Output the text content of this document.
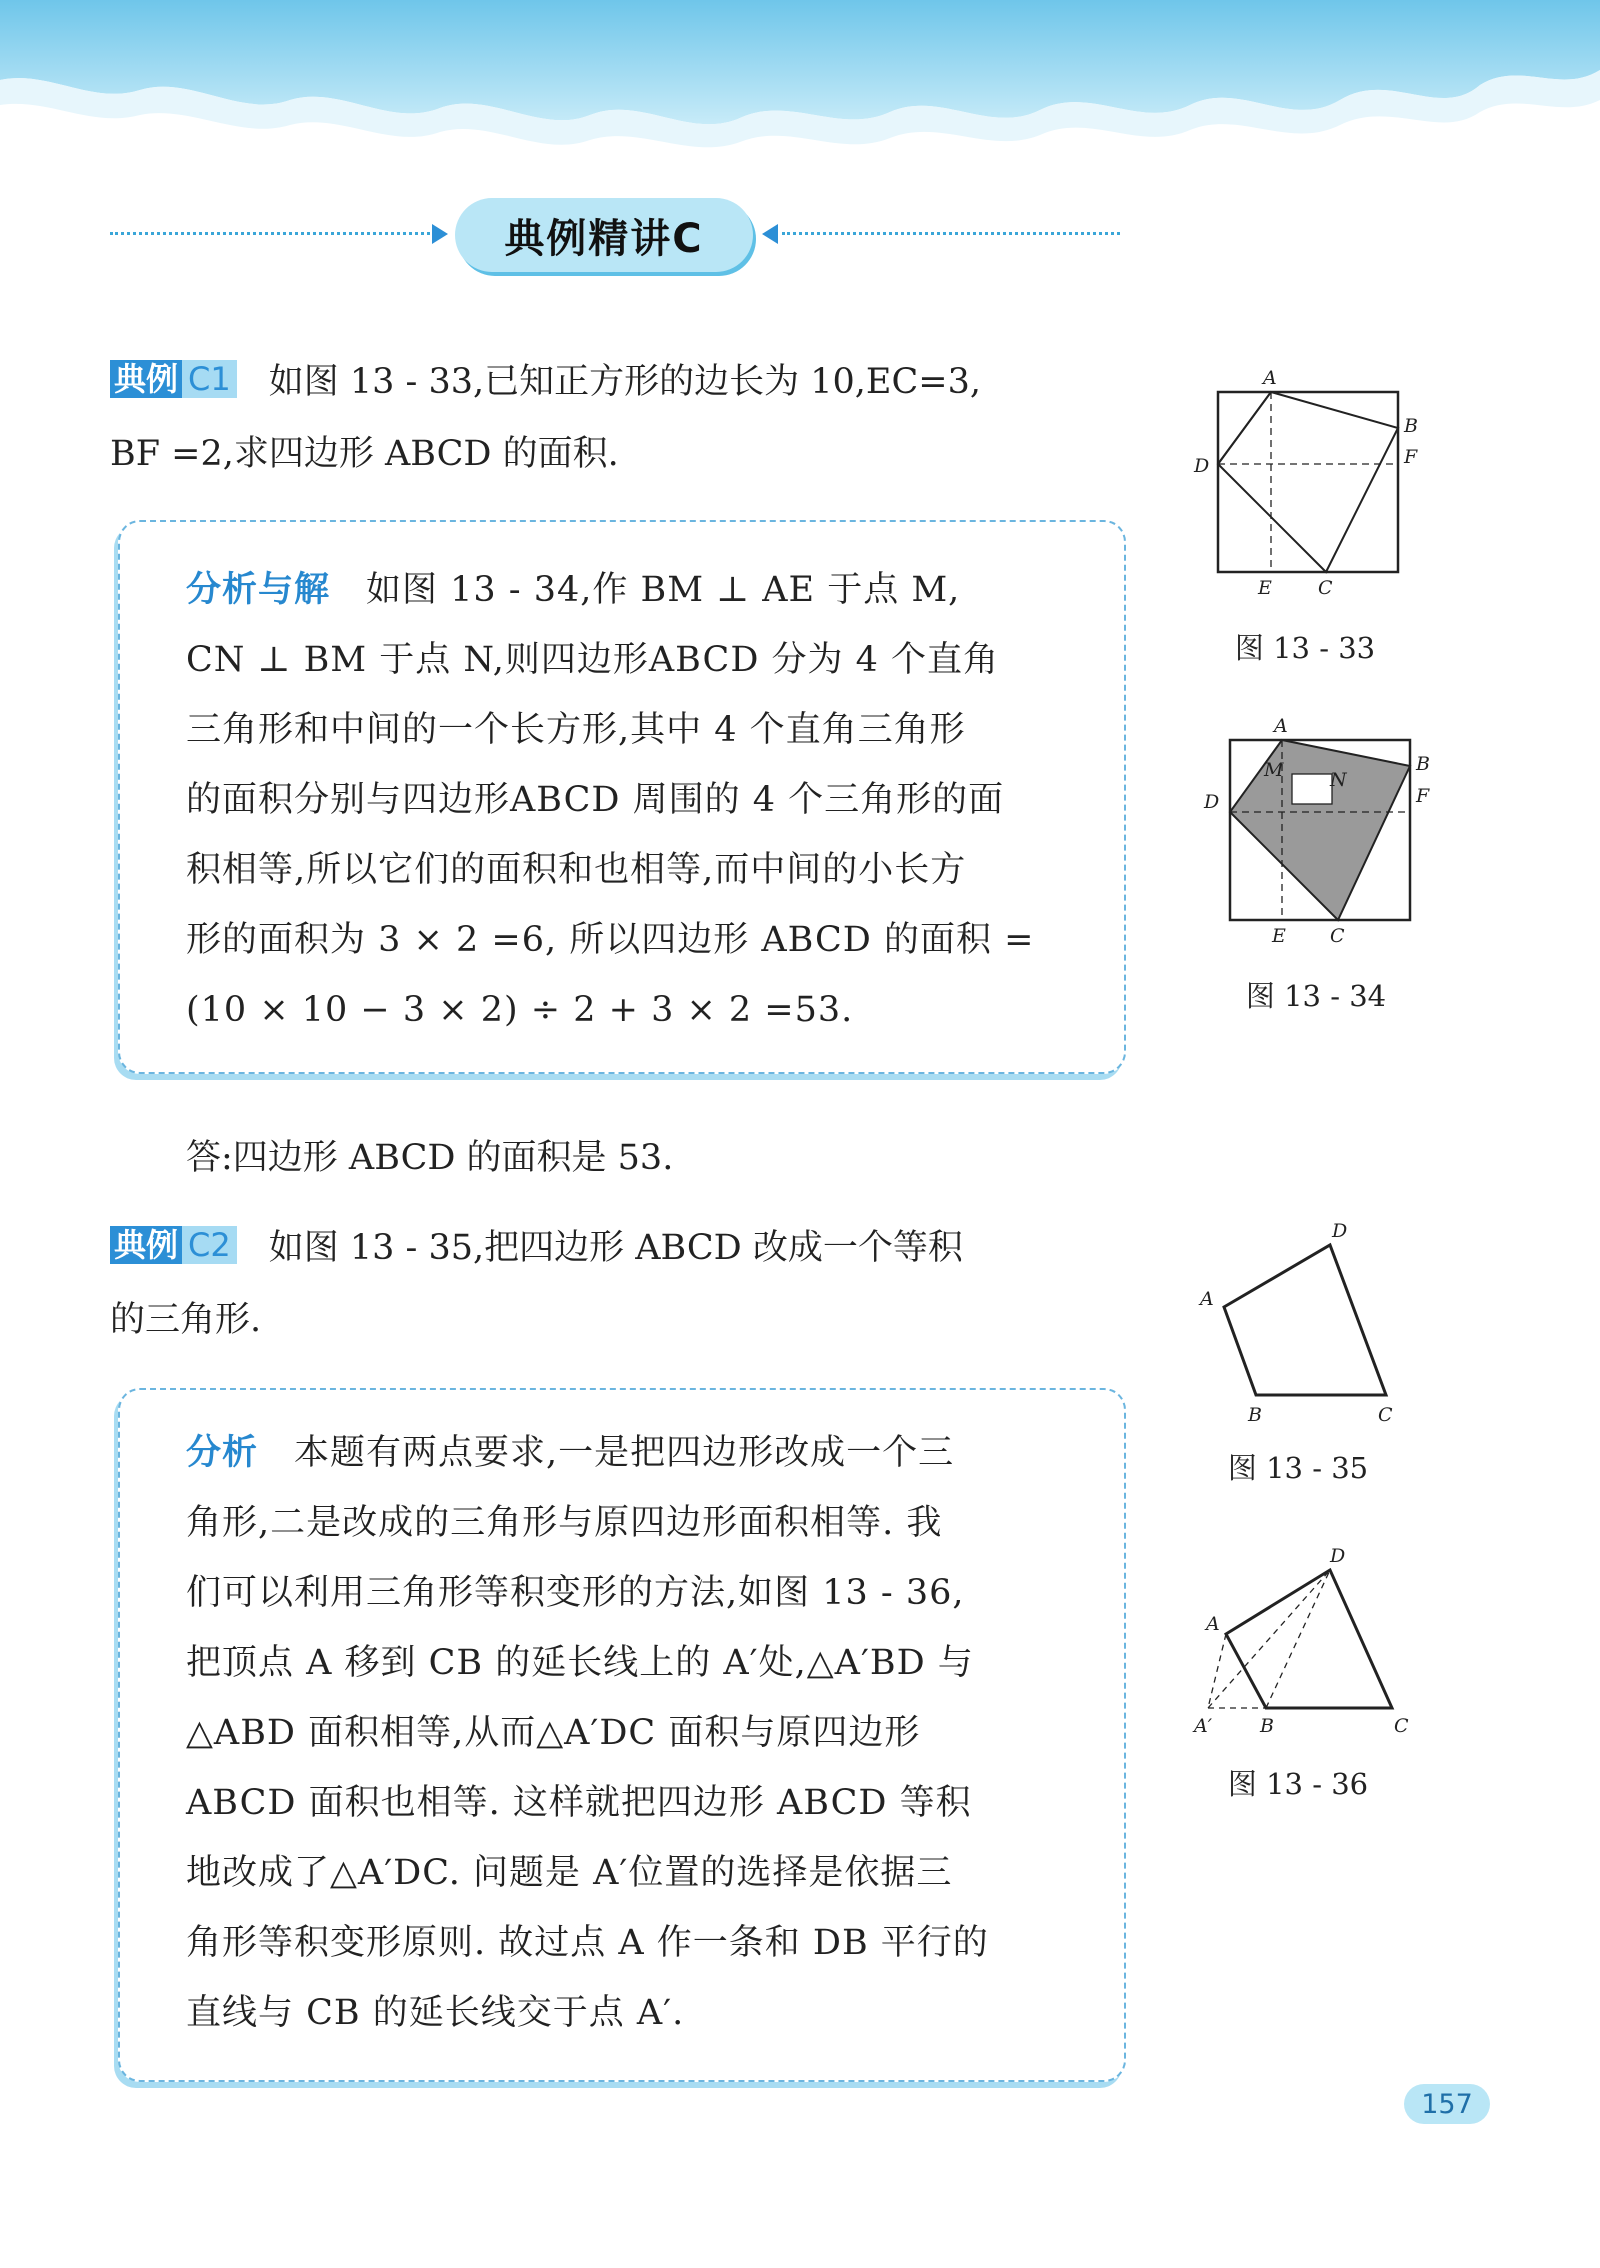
典例精讲C
典例 C1 如图 13 - 33,已知正方形的边长为 10,EC=3,
BF =2,求四边形 ABCD 的面积.
分析与解 如图 13 - 34,作 BM ⊥ AE 于点 M,
CN ⊥ BM 于点 N,则四边形ABCD 分为 4 个直角
三角形和中间的一个长方形,其中 4 个直角三角形
的面积分别与四边形ABCD 周围的 4 个三角形的面
积相等,所以它们的面积和也相等,而中间的小长方
形的面积为 3 × 2 =6, 所以四边形 ABCD 的面积 =
(10 × 10 − 3 × 2) ÷ 2 + 3 × 2 =53.
答:四边形 ABCD 的面积是 53.
典例 C2 如图 13 - 35,把四边形 ABCD 改成一个等积
的三角形.
分析 本题有两点要求,一是把四边形改成一个三
角形,二是改成的三角形与原四边形面积相等. 我
们可以利用三角形等积变形的方法,如图 13 - 36,
把顶点 A 移到 CB 的延长线上的 A′处,△A′BD 与
△ABD 面积相等,从而△A′DC 面积与原四边形
ABCD 面积也相等. 这样就把四边形 ABCD 等积
地改成了△A′DC. 问题是 A′位置的选择是依据三
角形等积变形原则. 故过点 A 作一条和 DB 平行的
直线与 CB 的延长线交于点 A′.
A
B
F
D
E C
图 13 - 33
A
M N
B
F
D
E C
图 13 - 34
A
D
B	C
图 13 - 35
D
A
A′	B	C
图 13 - 36
157
